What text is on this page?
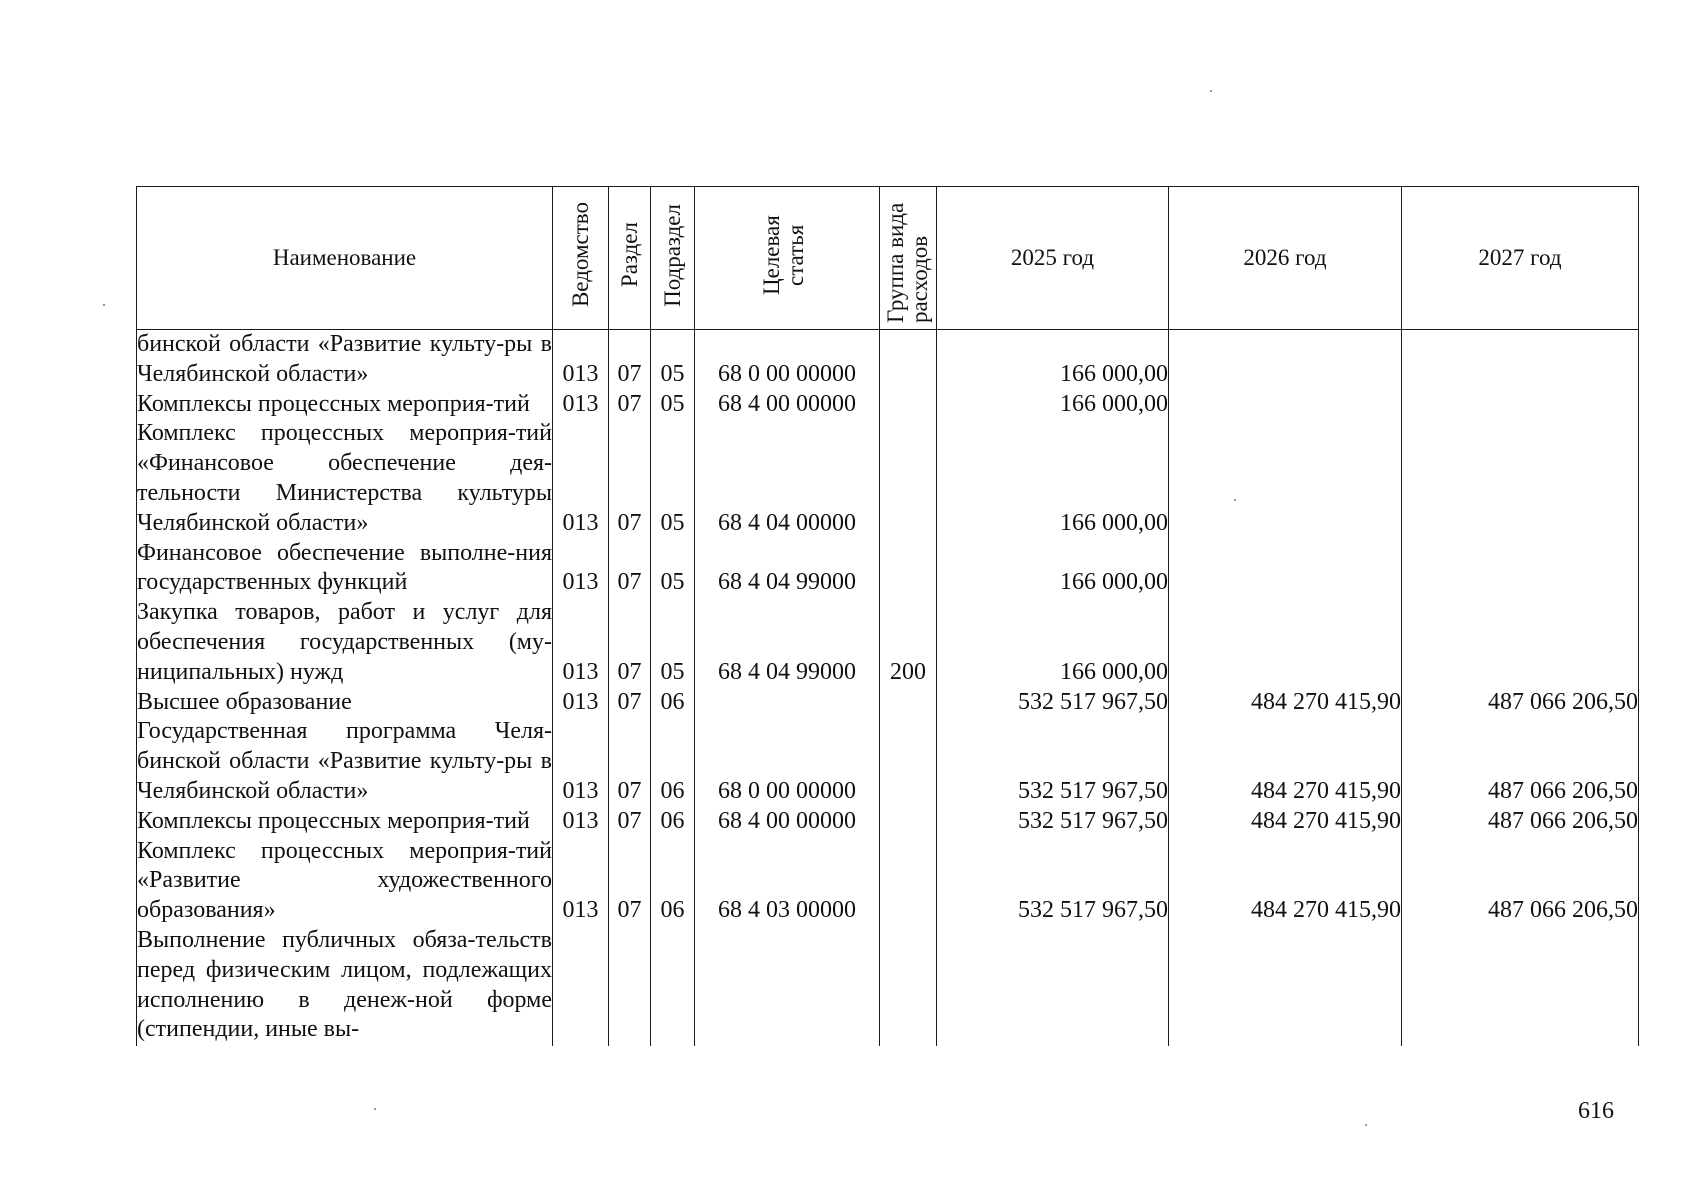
Наименование	Ведомство	Раздел	Подраздел	Целевая статья	Группа вида расходов	2025 год	2026 год	2027 год
бинской области «Развитие культу-ры в Челябинской области»	013	07	05	68 0 00 00000		166 000,00		
Комплексы процессных мероприя-тий	013	07	05	68 4 00 00000		166 000,00		
Комплекс процессных мероприя-тий «Финансовое обеспечение дея-тельности Министерства культуры Челябинской области»	013	07	05	68 4 04 00000		166 000,00		
Финансовое обеспечение выполне-ния государственных функций	013	07	05	68 4 04 99000		166 000,00		
Закупка товаров, работ и услуг для обеспечения государственных (му-ниципальных) нужд	013	07	05	68 4 04 99000	200	166 000,00		
Высшее образование	013	07	06			532 517 967,50	484 270 415,90	487 066 206,50
Государственная программа Челя-бинской области «Развитие культу-ры в Челябинской области»	013	07	06	68 0 00 00000		532 517 967,50	484 270 415,90	487 066 206,50
Комплексы процессных мероприя-тий	013	07	06	68 4 00 00000		532 517 967,50	484 270 415,90	487 066 206,50
Комплекс процессных мероприя-тий «Развитие художественного образования»	013	07	06	68 4 03 00000		532 517 967,50	484 270 415,90	487 066 206,50
Выполнение публичных обяза-тельств перед физическим лицом, подлежащих исполнению в денеж-ной форме (стипендии, иные вы-								
616
